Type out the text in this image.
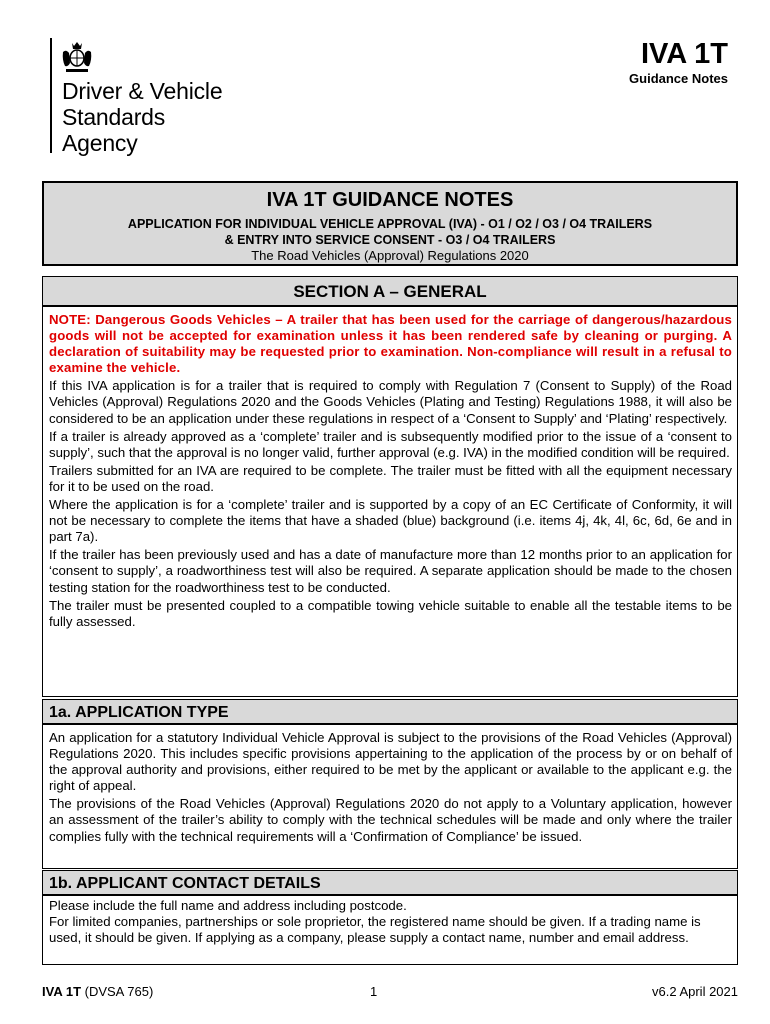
Driver & Vehicle
Standards
Agency
IVA 1T
Guidance Notes
IVA 1T GUIDANCE NOTES
APPLICATION FOR INDIVIDUAL VEHICLE APPROVAL (IVA) - O1 / O2 / O3 / O4 TRAILERS
& ENTRY INTO SERVICE CONSENT - O3 / O4 TRAILERS
The Road Vehicles (Approval) Regulations 2020
SECTION A – GENERAL

NOTE: Dangerous Goods Vehicles – A trailer that has been used for the carriage of dangerous/hazardous goods will not be accepted for examination unless it has been rendered safe by cleaning or purging. A declaration of suitability may be requested prior to examination. Non-compliance will result in a refusal to examine the vehicle.

If this IVA application is for a trailer that is required to comply with Regulation 7 (Consent to Supply) of the Road Vehicles (Approval) Regulations 2020 and the Goods Vehicles (Plating and Testing) Regulations 1988, it will also be considered to be an application under these regulations in respect of a ‘Consent to Supply’ and ‘Plating’ respectively.

If a trailer is already approved as a ‘complete’ trailer and is subsequently modified prior to the issue of a ‘consent to supply’, such that the approval is no longer valid, further approval (e.g. IVA) in the modified condition will be required.

Trailers submitted for an IVA are required to be complete. The trailer must be fitted with all the equipment necessary for it to be used on the road.

Where the application is for a ‘complete’ trailer and is supported by a copy of an EC Certificate of Conformity, it will not be necessary to complete the items that have a shaded (blue) background (i.e. items 4j, 4k, 4l, 6c, 6d, 6e and in part 7a).

If the trailer has been previously used and has a date of manufacture more than 12 months prior to an application for ‘consent to supply’, a roadworthiness test will also be required. A separate application should be made to the chosen testing station for the roadworthiness test to be conducted.

The trailer must be presented coupled to a compatible towing vehicle suitable to enable all the testable items to be fully assessed.

1a. APPLICATION TYPE

An application for a statutory Individual Vehicle Approval is subject to the provisions of the Road Vehicles (Approval) Regulations 2020. This includes specific provisions appertaining to the application of the process by or on behalf of the approval authority and provisions, either required to be met by the applicant or available to the applicant e.g. the right of appeal.

The provisions of the Road Vehicles (Approval) Regulations 2020 do not apply to a Voluntary application, however an assessment of the trailer’s ability to comply with the technical schedules will be made and only where the trailer complies fully with the technical requirements will a ‘Confirmation of Compliance’ be issued.

1b. APPLICANT CONTACT DETAILS

Please include the full name and address including postcode.

For limited companies, partnerships or sole proprietor, the registered name should be given. If a trading name is used, it should be given. If applying as a company, please supply a contact name, number and email address.

IVA 1T (DVSA 765)	1	v6.2 April 2021
